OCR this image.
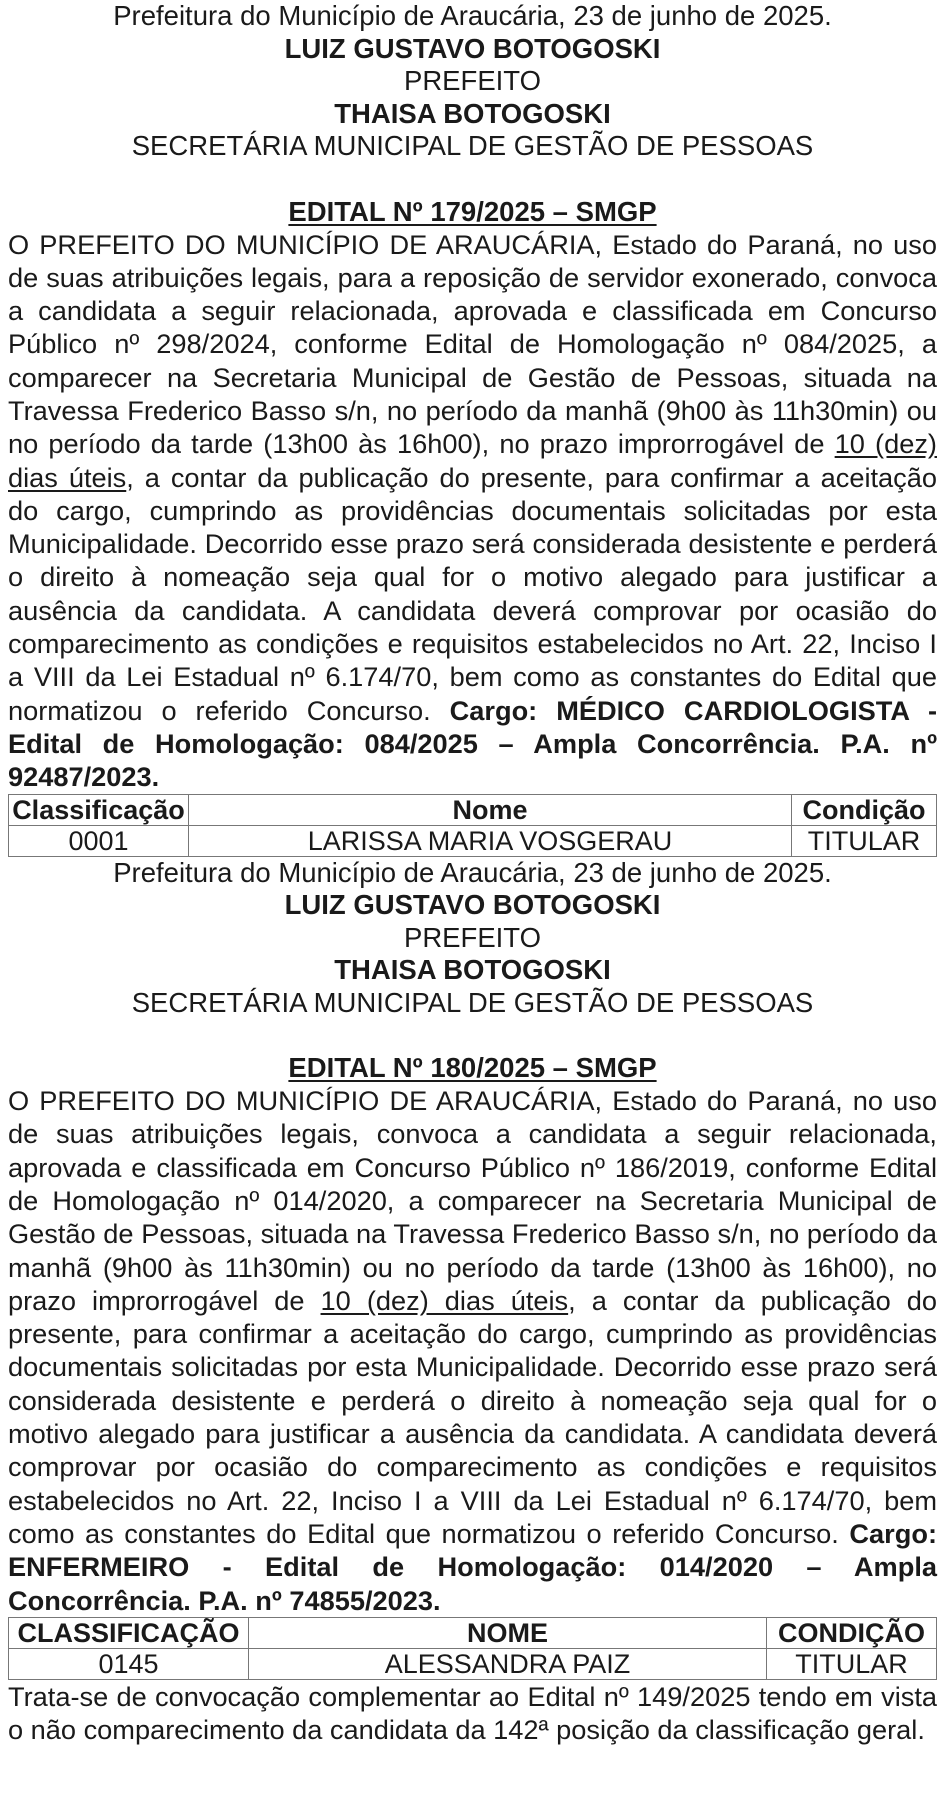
Prefeitura do Município de Araucária, 23 de junho de 2025.

LUIZ GUSTAVO BOTOGOSKI

PREFEITO

THAISA BOTOGOSKI

SECRETÁRIA MUNICIPAL DE GESTÃO DE PESSOAS

EDITAL Nº 179/2025 – SMGP

O PREFEITO DO MUNICÍPIO DE ARAUCÁRIA, Estado do Paraná, no uso de suas atribuições legais, para a reposição de servidor exonerado, convoca a candidata a seguir relacionada, aprovada e classificada em Concurso Público nº 298/2024, conforme Edital de Homologação nº 084/2025, a comparecer na Secretaria Municipal de Gestão de Pessoas, situada na Travessa Frederico Basso s/n, no período da manhã (9h00 às 11h30min) ou no período da tarde (13h00 às 16h00), no prazo improrrogável de 10 (dez) dias úteis, a contar da publicação do presente, para confirmar a aceitação do cargo, cumprindo as providências documentais solicitadas por esta Municipalidade. Decorrido esse prazo será considerada desistente e perderá o direito à nomeação seja qual for o motivo alegado para justificar a ausência da candidata. A candidata deverá comprovar por ocasião do comparecimento as condições e requisitos estabelecidos no Art. 22, Inciso I a VIII da Lei Estadual nº 6.174/70, bem como as constantes do Edital que normatizou o referido Concurso. Cargo: MÉDICO CARDIOLOGISTA - Edital de Homologação: 084/2025 – Ampla Concorrência. P.A. nº 92487/2023.

Classificação	Nome	Condição
0001	LARISSA MARIA VOSGERAU	TITULAR

Prefeitura do Município de Araucária, 23 de junho de 2025.

LUIZ GUSTAVO BOTOGOSKI

PREFEITO

THAISA BOTOGOSKI

SECRETÁRIA MUNICIPAL DE GESTÃO DE PESSOAS

EDITAL Nº 180/2025 – SMGP

O PREFEITO DO MUNICÍPIO DE ARAUCÁRIA, Estado do Paraná, no uso de suas atribuições legais, convoca a candidata a seguir relacionada, aprovada e classificada em Concurso Público nº 186/2019, conforme Edital de Homologação nº 014/2020, a comparecer na Secretaria Municipal de Gestão de Pessoas, situada na Travessa Frederico Basso s/n, no período da manhã (9h00 às 11h30min) ou no período da tarde (13h00 às 16h00), no prazo improrrogável de 10 (dez) dias úteis, a contar da publicação do presente, para confirmar a aceitação do cargo, cumprindo as providências documentais solicitadas por esta Municipalidade. Decorrido esse prazo será considerada desistente e perderá o direito à nomeação seja qual for o motivo alegado para justificar a ausência da candidata. A candidata deverá comprovar por ocasião do comparecimento as condições e requisitos estabelecidos no Art. 22, Inciso I a VIII da Lei Estadual nº 6.174/70, bem como as constantes do Edital que normatizou o referido Concurso. Cargo: ENFERMEIRO - Edital de Homologação: 014/2020 – Ampla Concorrência. P.A. nº 74855/2023.

CLASSIFICAÇÃO	NOME	CONDIÇÃO
0145	ALESSANDRA PAIZ	TITULAR

Trata-se de convocação complementar ao Edital nº 149/2025 tendo em vista o não comparecimento da candidata da 142ª posição da classificação geral.
